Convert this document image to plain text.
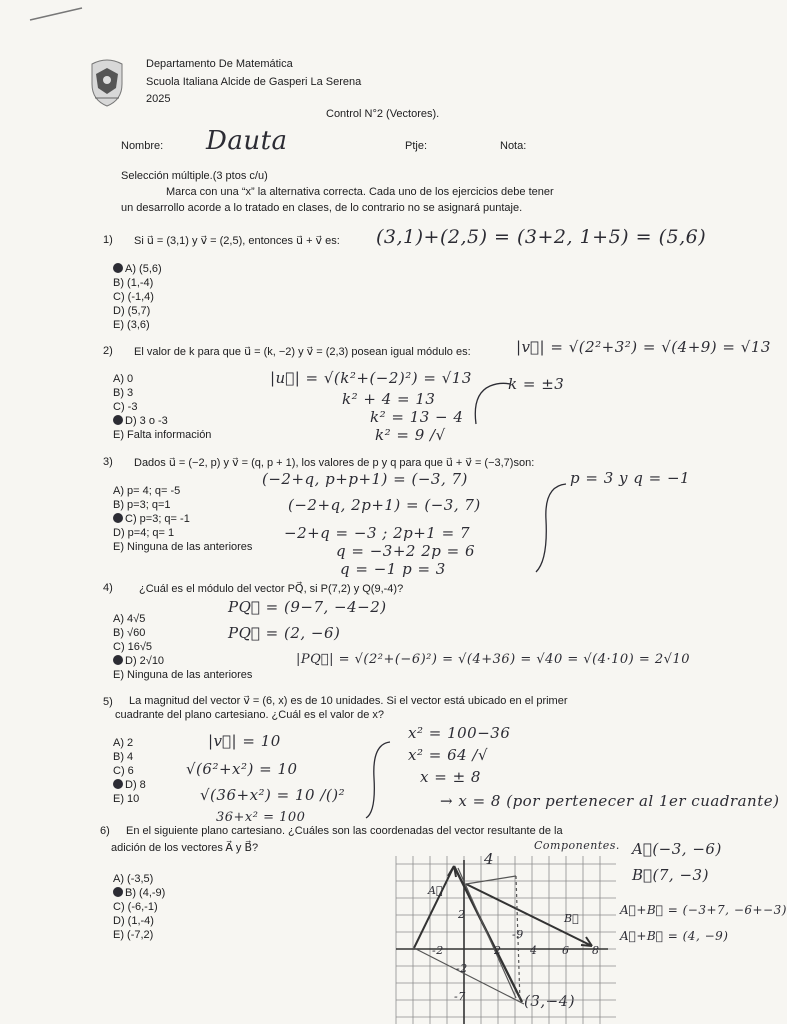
Departamento De Matemática
Scuola Italiana Alcide de Gasperi La Serena
2025
Control N°2 (Vectores).
Nombre: Dauta	Ptje:	Nota:
Selección múltiple.(3 ptos c/u)
Marca con una “x” la alternativa correcta. Cada uno de los ejercicios debe tener
un desarrollo acorde a lo tratado en clases, de lo contrario no se asignará puntaje.
1) Si u⃗ = (3,1) y v⃗ = (2,5), entonces u⃗ + v⃗ es: (3,1)+(2,5) = (3+2, 1+5) = (5,6)
A) (5,6)
B) (1,-4)
C) (-1,4)
D) (5,7)
E) (3,6)
2) El valor de k para que u⃗ = (k, −2) y v⃗ = (2,3) posean igual módulo es:	|v⃗| = √(2²+3²) = √(4+9) = √13
|u⃗| = √(k²+(−2)²) = √13
k² + 4 = 13
k² = 13 − 4
k² = 9 /√
k = ±3
A) 0
B) 3
C) -3
D) 3 o -3
E) Falta información
3) Dados u⃗ = (−2, p) y v⃗ = (q, p + 1), los valores de p y q para que u⃗ + v⃗ = (−3,7)son:
(−2+q, p+p+1) = (−3, 7)
(−2+q, 2p+1) = (−3, 7)
−2+q = −3 ; 2p+1 = 7
q = −3+2 2p = 6
q = −1 p = 3
p = 3 y q = −1
A) p= 4; q= -5
B) p=3; q=1
C) p=3; q= -1
D) p=4; q= 1
E) Ninguna de las anteriores
4) ¿Cuál es el módulo del vector PQ⃗, si P(7,2) y Q(9,-4)?
PQ⃗ = (9−7, −4−2)
PQ⃗ = (2, −6)
|PQ⃗| = √(2²+(−6)²) = √(4+36) = √40 = √(4·10) = 2√10
A) 4√5
B) √60
C) 16√5
D) 2√10
E) Ninguna de las anteriores
5) La magnitud del vector v⃗ = (6, x) es de 10 unidades. Si el vector está ubicado en el primer
cuadrante del plano cartesiano. ¿Cuál es el valor de x?
|v⃗| = 10
√(6²+x²) = 10
√(36+x²) = 10 /()²
36+x² = 100
x² = 100−36
x² = 64 /√
x = ± 8
→ x = 8 (por pertenecer al 1er cuadrante)
A) 2
B) 4
C) 6
D) 8
E) 10
6) En el siguiente plano cartesiano. ¿Cuáles son las coordenadas del vector resultante de la
adición de los vectores A⃗ y B⃗?	Componentes. A⃗(−3, −6)
B⃗(7, −3)
A⃗+B⃗ = (−3+7, −6+−3)
A⃗+B⃗ = (4, −9)
(3,−4)
A) (-3,5)
B) (4,-9)
C) (-6,-1)
D) (1,-4)
E) (-7,2)
A⃗
B⃗
-2	2	4 6 8
2
-2
4
-7
-9
